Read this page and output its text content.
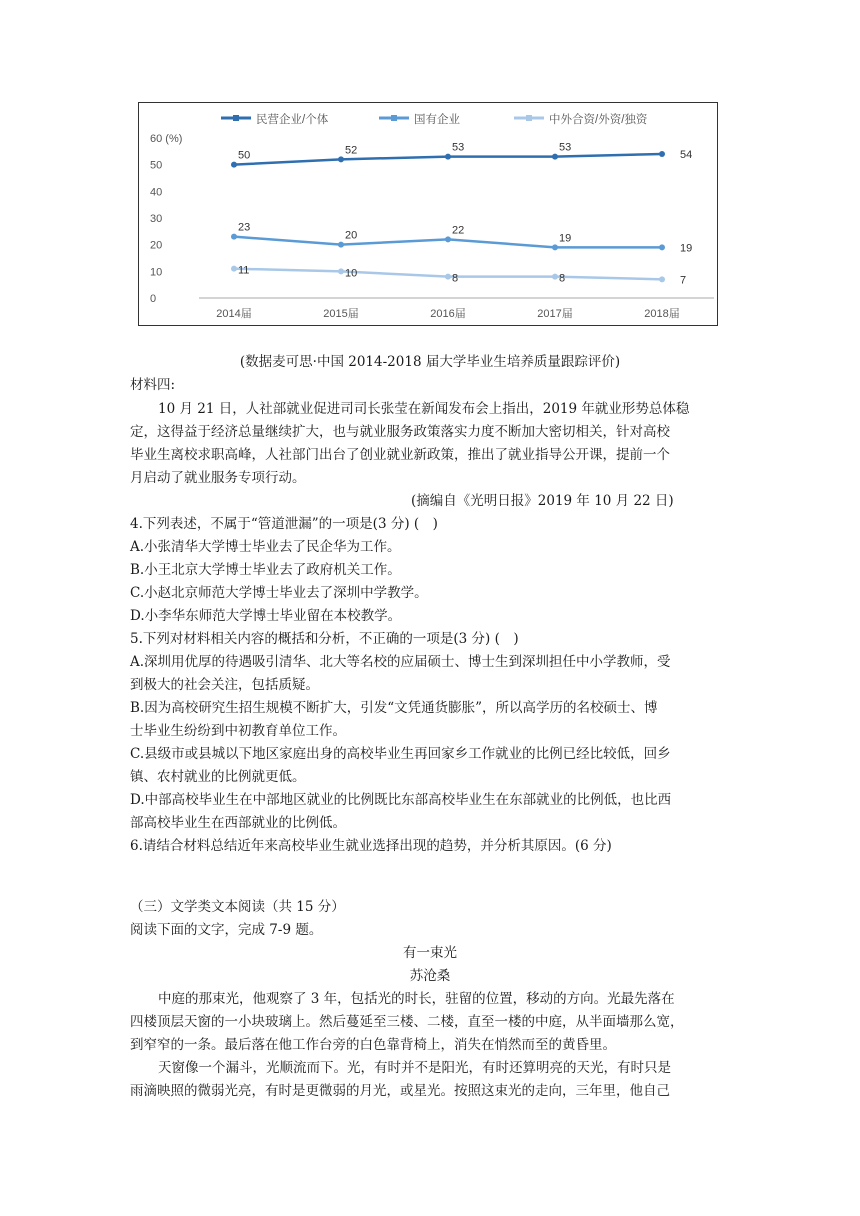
民营企业/个体	国有企业	中外合资/外资/独资
0
10
20
30
40
50
60 (%)
2014届	2015届	2016届	2017届	2018届
50	52	53	53
54
23
20	22
19
19
11	10	8	8	7
(数据麦可思·中国 2014-2018 届大学毕业生培养质量跟踪评价)
材料四:
10 月 21 日，人社部就业促进司司长张莹在新闻发布会上指出，2019 年就业形势总体稳
定，这得益于经济总量继续扩大，也与就业服务政策落实力度不断加大密切相关，针对高校
毕业生离校求职高峰，人社部门出台了创业就业新政策，推出了就业指导公开课，提前一个
月启动了就业服务专项行动。
(摘编自《光明日报》2019 年 10 月 22 日)
4.下列表述，不属于“管道泄漏”的一项是(3 分) (　)
A.小张清华大学博士毕业去了民企华为工作。
B.小王北京大学博士毕业去了政府机关工作。
C.小赵北京师范大学博士毕业去了深圳中学教学。
D.小李华东师范大学博士毕业留在本校教学。
5.下列对材料相关内容的概括和分析，不正确的一项是(3 分) (　)
A.深圳用优厚的待遇吸引清华、北大等名校的应届硕士、博士生到深圳担任中小学教师，受
到极大的社会关注，包括质疑。
B.因为高校研究生招生规模不断扩大，引发“文凭通货膨胀”，所以高学历的名校硕士、博
士毕业生纷纷到中初教育单位工作。
C.县级市或县城以下地区家庭出身的高校毕业生再回家乡工作就业的比例已经比较低，回乡
镇、农村就业的比例就更低。
D.中部高校毕业生在中部地区就业的比例既比东部高校毕业生在东部就业的比例低，也比西
部高校毕业生在西部就业的比例低。
6.请结合材料总结近年来高校毕业生就业选择出现的趋势，并分析其原因。(6 分)
（三）文学类文本阅读（共 15 分）
阅读下面的文字，完成 7-9 题。
有一束光
苏沧桑
中庭的那束光，他观察了 3 年，包括光的时长，驻留的位置，移动的方向。光最先落在
四楼顶层天窗的一小块玻璃上。然后蔓延至三楼、二楼，直至一楼的中庭，从半面墙那么宽，
到窄窄的一条。最后落在他工作台旁的白色靠背椅上，消失在悄然而至的黄昏里。
天窗像一个漏斗，光顺流而下。光，有时并不是阳光，有时还算明亮的天光，有时只是
雨滴映照的微弱光亮，有时是更微弱的月光，或星光。按照这束光的走向，三年里，他自己
